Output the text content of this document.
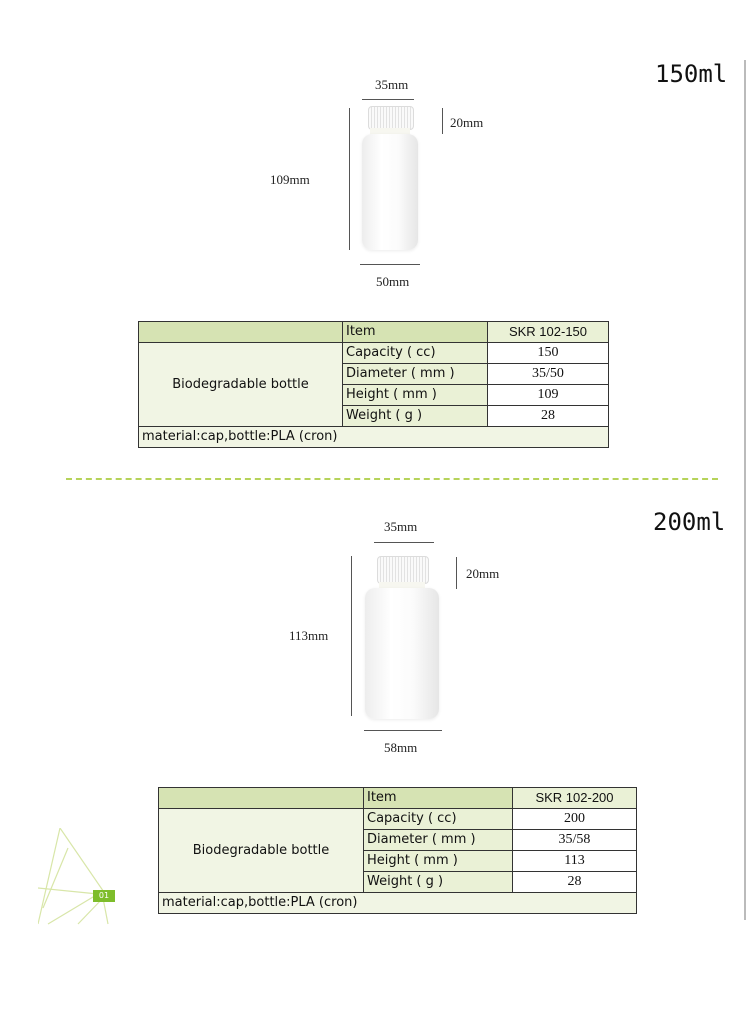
150ml
35mm
20mm
109mm
50mm
	Item	SKR 102-150
Biodegradable bottle	Capacity ( cc)	150
	Diameter ( mm )	35/50
	Height ( mm )	109
	Weight ( g )	28
material:cap,bottle:PLA (cron)		
200ml
35mm
20mm
113mm
58mm
	Item	SKR 102-200
Biodegradable bottle	Capacity ( cc)	200
	Diameter ( mm )	35/58
	Height ( mm )	113
	Weight ( g )	28
material:cap,bottle:PLA (cron)		
01
